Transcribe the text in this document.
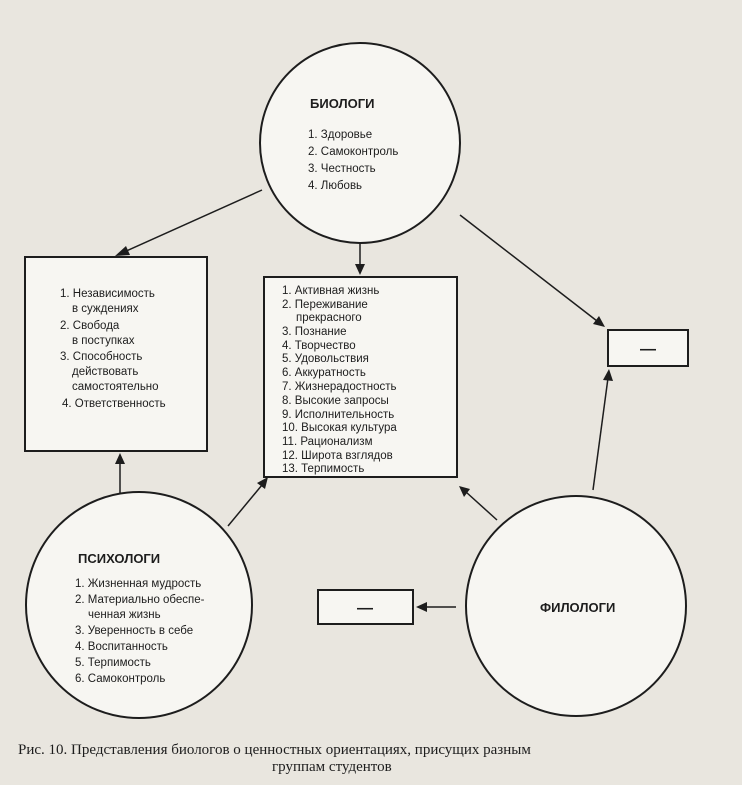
БИОЛОГИ
1. Здоровье
2. Самоконтроль
3. Честность
4. Любовь
1. Независимость
в суждениях
2. Свобода
в поступках
3. Способность
действовать
самостоятельно
4. Ответственность
1. Активная жизнь
2. Переживание
прекрасного
3. Познание
4. Творчество
5. Удовольствия
6. Аккуратность
7. Жизнерадостность
8. Высокие запросы
9. Исполнительность
10. Высокая культура
11. Рационализм
12. Широта взглядов
13. Терпимость
—
—
ПСИХОЛОГИ
1. Жизненная мудрость
2. Материально обеспе-
ченная жизнь
3. Уверенность в себе
4. Воспитанность
5. Терпимость
6. Самоконтроль
ФИЛОЛОГИ
Рис. 10. Представления биологов о ценностных ориентациях, присущих разным
группам студентов
